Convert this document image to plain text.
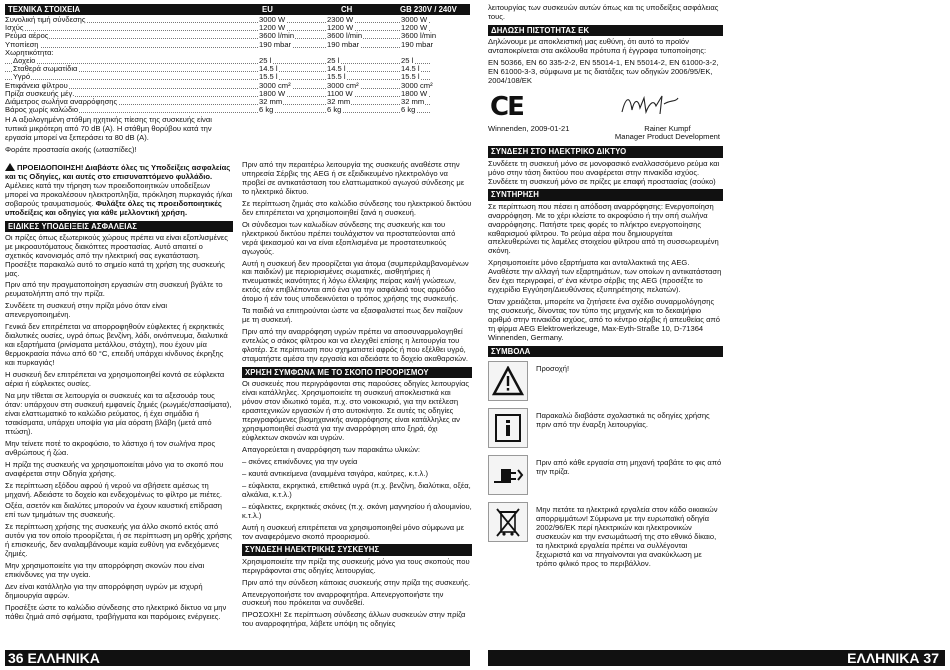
ΤΕΧΝΙΚΑ ΣΤΟΙΧΕΙΑ	EU	CH	GB 230V / 240V
Συνολική τιμή σύνδεσης	3000 W	2300 W	3000 W
Ισχύς	1200 W	1200 W	1200 W
Ρεύμα αέρος	3600 l/min	3600 l/min	3600 l/min
Υποπίεση	190 mbar	190 mbar	190 mbar
Χωρητικότητα:
Δοχείο	25 l	25 l	25 l
Σταθερά σωματίδια	14.5 l	14.5 l	14.5 l
Υγρό	15.5 l	15.5 l	15.5 l
Επιφάνεια φίλτρου	3000 cm²	3000 cm²	3000 cm²
Πρίζα συσκευής μέγ.	1800 W	1100 W	1800 W
Διάμετρος σωλήνα αναρρόφησης	32 mm	32 mm	32 mm
Βάρος χωρίς καλώδιο	6 kg	6 kg	6 kg

Η Α αξιολογημένη στάθμη ηχητικής πίεσης της συσκευής είναι τυπικά μικρότερη από 70 dB (A). Η στάθμη θορύβου κατά την εργασία μπορεί να ξεπεράσει τα 80 dB (A).

Φοράτε προστασία ακοής (ωτασπίδες)!

ΠΡΟΕΙΔΟΠΟΙΗΣΗ! Διαβάστε όλες τις Υποδείξεις ασφαλείας και τις Οδηγίες, και αυτές στο επισυναπτόμενο φυλλάδιο. Αμέλειες κατά την τήρηση των προειδοποιητικών υποδείξεων μπορεί να προκαλέσουν ηλεκτροπληξία, πρόκληση πυρκαγιάς ή/και σοβαρούς τραυματισμούς. Φυλάξτε όλες τις προειδοποιητικές υποδείξεις και οδηγίες για κάθε μελλοντική χρήση.

ΕΙΔΙΚΕΣ ΥΠΟΔΕΙΞΕΙΣ ΑΣΦΑΛΕΙΑΣ

Οι πρίζες όπως εξωτερικούς χώρους πρέπει να είναι εξοπλισμένες με μικροαυτόματους διακόπτες προστασίας. Αυτό απαιτεί ο σχετικός κανονισμός από την ηλεκτρική σας εγκατάσταση. Προσέξτε παρακαλώ αυτό το σημείο κατά τη χρήση της συσκευής μας.

Πριν από την πραγματοποίηση εργασιών στη συσκευή βγάλτε το ρευματολήπτη από την πρίζα.

Συνδέετε τη συσκευή στην πρίζα μόνο όταν είναι απενεργοποιημένη.

Γενικά δεν επιτρέπεται να απορροφηθούν εύφλεκτες ή εκρηκτικές διαλυτικές ουσίες, υγρά όπως βενζίνη, λάδι, οινόπνευμα, διαλυτικά και εξαρτήματα (ρινίσματα μετάλλου, στάχτη), που έχουν μία θερμοκρασία πάνω από 60 °C, επειδή υπάρχει κίνδυνος έκρηξης και πυρκαγιάς!

Η συσκευή δεν επιτρέπεται να χρησιμοποιηθεί κοντά σε εύφλεκτα αέρια ή εύφλεκτες ουσίες.

Να μην τίθεται σε λειτουργία οι συσκευές και τα αξεσουάρ τους όταν: υπάρχουν στη συσκευή εμφανείς ζημιές (ρωγμές/σπασίματα), είναι ελαττωματικό το καλώδιο ρεύματος, ή έχει σημάδια ή τσακίσματα, υπάρχει υποψία για μία αόρατη βλάβη (μετά από πτώση).

Μην τείνετε ποτέ το ακροφύσιο, το λάστιχο ή τον σωλήνα προς ανθρώπους ή ζώα.

Η πρίζα της συσκευής να χρησιμοποιείται μόνο για το σκοπό που αναφέρεται στην Οδηγία χρήσης.

Σε περίπτωση εξόδου αφρού ή νερού να σβήσετε αμέσως τη μηχανή. Αδειάστε το δοχείο και ενδεχομένως το φίλτρο με πιέτες.

Οξέα, ασετόν και διαλύτες μπορούν να έχουν καυστική επίδραση επί των τμημάτων της συσκευής.

Σε περίπτωση χρήσης της συσκευής για άλλο σκοπό εκτός από αυτόν για τον οποίο προορίζεται, ή σε περίπτωση μη ορθής χρήσης ή επισκευής, δεν αναλαμβάνουμε καμία ευθύνη για ενδεχόμενες ζημιές.

Μην χρησιμοποιείτε για την απορρόφηση σκονών που είναι επικίνδυνες για την υγεία.

Δεν είναι κατάλληλο για την απορρόφηση υγρών με ισχυρή δημιουργία αφρών.

Προσέξτε ώστε το καλώδιο σύνδεσης στο ηλεκτρικό δίκτυο να μην πάθει ζημιά από σφήματα, τραβήγματα και παρόμοιες ενέργειες.

Πριν από την περαιτέρω λειτουργία της συσκευής αναθέστε στην υπηρεσία Σέρβις της AEG ή σε εξειδικευμένο ηλεκτρολόγο να προβεί σε αντικατάσταση του ελαττωματικού αγωγού σύνδεσης με το ηλεκτρικό δίκτυο.

Σε περίπτωση ζημιάς στο καλώδιο σύνδεσης του ηλεκτρικού δικτύου δεν επιτρέπεται να χρησιμοποιηθεί ξανά η συσκευή.

Οι σύνδεσμοι των καλωδίων σύνδεσης της συσκευής και του ηλεκτρικού δικτύου πρέπει τουλάχιστον να προστατεύονται από νερά ψεκασμού και να είναι εξοπλισμένα με προστατευτικούς αγωγούς.

Αυτή η συσκευή δεν προορίζεται για άτομα (συμπεριλαμβανομένων και παιδιών) με περιορισμένες σωματικές, αισθητήριες ή πνευματικές ικανότητες ή λόγω έλλειψης πείρας και/ή γνώσεων, εκτός εάν επιβλέπονται από ένα για την ασφάλειά τους αρμόδιο άτομο ή εάν τους υποδεικνύεται ο τρόπος χρήσης της συσκευής.

Τα παιδιά να επιτηρούνται ώστε να εξασφαλιστεί πως δεν παίζουν με τη συσκευή.

Πριν από την αναρρόφηση υγρών πρέπει να αποσυναρμολογηθεί εντελώς ο σάκος φίλτρου και να ελεγχθεί επίσης η λειτουργία του φλοτέρ. Σε περίπτωση που σχηματιστεί αφρός ή που εξέλθει υγρό, σταματήστε αμέσα την εργασία και αδειάστε το δοχείο ακαθαρσιών.

ΧΡΗΣΗ ΣΥΜΦΩΝΑ ΜΕ ΤΟ ΣΚΟΠΟ ΠΡΟΟΡΙΣΜΟΥ

Οι συσκευές που περιγράφονται στις παρούσες οδηγίες λειτουργίας είναι κατάλληλες. Χρησιμοποιείτε τη συσκευή αποκλειστικά και μόνον στον ιδιωτικό τομέα, π.χ. στο νοικοκυριό, για την εκτέλεση ερασιτεχνικών εργασιών ή στο αυτοκίνητο. Σε αυτές τις οδηγίες περιγραφόμενες βιομηχανικής αναρρόφησης είναι κατάλληλες αν χρησιμοποιηθεί σωστά για την αναρρόφηση απο ξηρά, όχι εύφλεκτων σκονών και υγρών.

Απαγορεύεται η αναρρόφηση των παρακάτω υλικών:

– σκόνες επικίνδυνες για την υγεία

– καυτά αντικείμενα (αναμμένα τσιγάρα, καύτρες, κ.τ.λ.)

– εύφλεκτα, εκρηκτικά, επιθετικά υγρά (π.χ. βενζίνη, διαλύτικα, οξέα, αλκάλια, κ.τ.λ.)

– εύφλεκτες, εκρηκτικές σκόνες (π.χ. σκόνη μαγνησίου ή αλουμινίου, κ.τ.λ.)

Αυτή η συσκευή επιτρέπεται να χρησιμοποιηθεί μόνο σύμφωνα με τον αναφερόμενο σκοπό προορισμού.

ΣΥΝΔΕΣΗ ΗΛΕΚΤΡΙΚΗΣ ΣΥΣΚΕΥΗΣ

Χρησιμοποιείτε την πρίζα της συσκευής μόνο για τους σκοπούς που περιγράφονται στις οδηγίες λειτουργίας.

Πριν από την σύνδεση κάποιας συσκευής στην πρίζα της συσκευής.

Απενεργοποιήστε τον αναρροφητήρα. Απενεργοποιήστε την συσκευή που πρόκειται να συνδεθεί.

ΠΡΟΣΟΧΗ! Σε περίπτωση σύνδεσης άλλων συσκευών στην πρίζα του αναρροφητήρα, λάβετε υπόψη τις οδηγίες

λειτουργίας των συσκευών αυτών όπως και τις υποδείξεις ασφάλειας τους.

ΔΗΛΩΣΗ ΠΙΣΤΟΤΗΤΑΣ ΕΚ

Δηλώνουμε με αποκλειστική μας ευθύνη, ότι αυτό το προϊόν ανταποκρίνεται στα ακόλουθα πρότυπα ή έγγραφα τυποποίησης:

EN 50366, EN 60 335-2-2, EN 55014-1, EN 55014-2, EN 61000-3-2, EN 61000-3-3, σύμφωνα με τις διατάξεις των οδηγιών 2006/95/EK, 2004/108/EK

CE
Winnenden, 2009-01-21	Rainer Kumpf
Manager Product Development
ΣΥΝΔΕΣΗ ΣΤΟ ΗΛΕΚΤΡΙΚΟ ΔΙΚΤΥΟ

Συνδέετε τη συσκευή μόνο σε μονοφασικό εναλλασσόμενο ρεύμα και μόνο στην τάση δικτύου που αναφέρεται στην πινακίδα ισχύος. Συνδέετε τη συσκευή μόνο σε πρίζες με επαφή προστασίας (σούκο)

ΣΥΝΤΗΡΗΣΗ

Σε περίπτωση που πέσει η απόδοση αναρρόφησης: Ενεργοποίηση αναρρόφηση. Με το χέρι κλείστε το ακροφύσιο ή την οπή σωλήνα αναρρόφησης. Πατήστε τρεις φορές το πλήκτρο ενεργοποίησης καθαρισμού φίλτρου. Το ρεύμα αέρα που δημιουργείται απελευθερώνει τις λαμέλες στοιχείου φίλτρου από τη συσσωρευμένη σκόνη.

Χρησιμοποιείτε μόνο εξαρτήματα και ανταλλακτικά της AEG. Αναθέστε την αλλαγή των εξαρτημάτων, των οποίων η αντικατάσταση δεν έχει περιγραφεί, σ' ένα κέντρο σέρβις της AEG (προσέξτε το εγχειρίδιο Εγγύηση/Διευθύνσεις εξυπηρέτησης πελατών).

Όταν χρειάζεται, μπορείτε να ζητήσετε ένα σχέδιο συναρμολόγησης της συσκευής, δίνοντας τον τύπο της μηχανής και το δεκαψήφιο αριθμό στην πινακίδα ισχύος, από το κέντρο σέρβις ή απευθείας από τη φίρμα AEG Elektrowerkzeuge, Max-Eyth-Straße 10, D-71364 Winnenden, Germany.

ΣΥΜΒΟΛΑ
Προσοχή!
Παρακαλώ διαβάστε σχολαστικά τις οδηγίες χρήσης πριν από την έναρξη λειτουργίας.
Πριν από κάθε εργασία στη μηχανή τραβάτε το φις από την πρίζα.
Μην πετάτε τα ηλεκτρικά εργαλεία στον κάδο οικιακών απορριμμάτων! Σύμφωνα με την ευρωπαϊκή οδηγία 2002/96/ΕΚ περί ηλεκτρικών και ηλεκτρονικών συσκευών και την ενσωμάτωσή της στο εθνικό δίκαιο, τα ηλεκτρικά εργαλεία πρέπει να συλλέγονται ξεχωριστά και να πηγαίνονται για ανακύκλωση με τρόπο φιλικό προς το περιβάλλον.
36 ΕΛΛΗΝΙΚΑ	ΕΛΛΗΝΙΚΑ 37
